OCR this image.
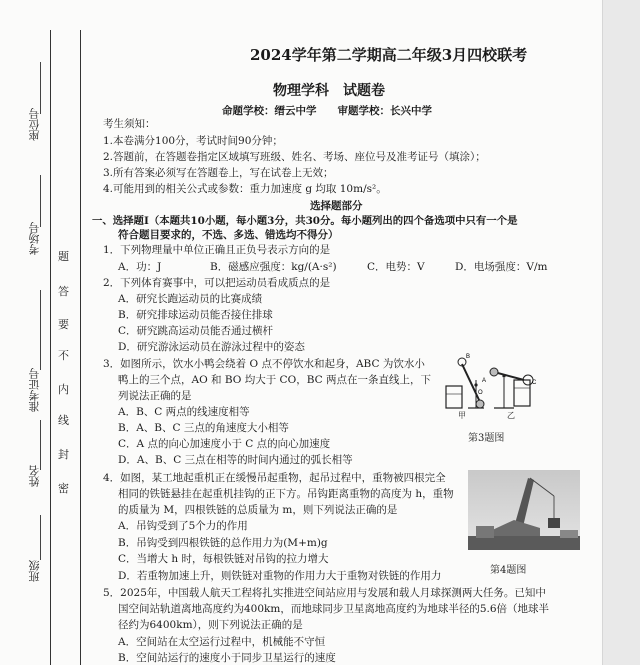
座位号
考场号
准考证号
姓名
班级
题
答
要
不
内
线
封
密
2024学年第二学期高二年级3月四校联考
物理学科　试题卷
命题学校：缙云中学　　审题学校：长兴中学
考生须知：
1.本卷满分100分，考试时间90分钟；
2.答题前，在答题卷指定区域填写班级、姓名、考场、座位号及准考证号（填涂）；
3.所有答案必须写在答题卷上，写在试卷上无效；
4.可能用到的相关公式或参数：重力加速度 g 均取 10m/s²。
选择题部分
一、选择题Ⅰ（本题共10小题，每小题3分，共30分。每小题列出的四个备选项中只有一个是
符合题目要求的，不选、多选、错选均不得分）
1．下列物理量中单位正确且正负号表示方向的是
A．功：J	B．磁感应强度：kg/(A·s²)	C．电势：V	D．电场强度：V/m
2．下列体育赛事中，可以把运动员看成质点的是
A．研究长跑运动员的比赛成绩
B．研究排球运动员能否接住排球
C．研究跳高运动员能否通过横杆
D．研究游泳运动员在游泳过程中的姿态
3．如图所示，饮水小鸭会绕着 O 点不停饮水和起身，ABC 为饮水小
鸭上的三个点，AO 和 BO 均大于 CO，BC 两点在一条直线上，下
列说法正确的是
A．B、C 两点的线速度相等
B．A、B、C 三点的角速度大小相等
C．A 点的向心加速度小于 C 点的向心加速度
D．A、B、C 三点在相等的时间内通过的弧长相等
B
A
O
C
甲	乙
第3题图
4．如图，某工地起重机正在缓慢吊起重物，起吊过程中，重物被四根完全
相同的铁链悬挂在起重机挂钩的正下方。吊钩距离重物的高度为 h，重物
的质量为 M，四根铁链的总质量为 m，则下列说法正确的是
A．吊钩受到了5个力的作用
B．吊钩受到四根铁链的总作用力为(M+m)g
C．当增大 h 时，每根铁链对吊钩的拉力增大
D．若重物加速上升，则铁链对重物的作用力大于重物对铁链的作用力	第4题图
5．2025年，中国载人航天工程将扎实推进空间站应用与发展和载人月球探测两大任务。已知中
国空间站轨道离地高度约为400km，而地球同步卫星离地高度约为地球半径的5.6倍（地球半
径约为6400km），则下列说法正确的是
A．空间站在太空运行过程中，机械能不守恒
B．空间站运行的速度小于同步卫星运行的速度
